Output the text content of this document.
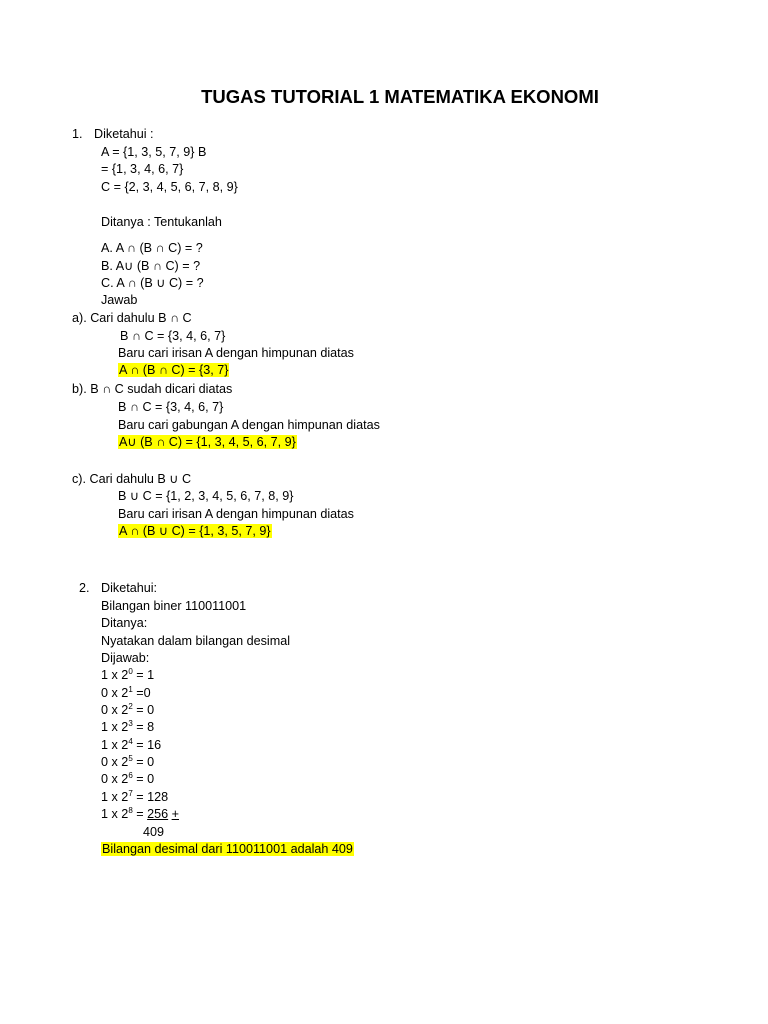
TUGAS TUTORIAL 1 MATEMATIKA EKONOMI
1. Diketahui :
A = {1, 3, 5, 7, 9} B
= {1, 3, 4, 6, 7}
C = {2, 3, 4, 5, 6, 7, 8, 9}
Ditanya : Tentukanlah
A. A ∩ (B ∩ C) = ?
B. A∪ (B ∩ C) = ?
C. A ∩ (B ∪ C) = ?
Jawab
a). Cari dahulu B ∩ C
B ∩ C = {3, 4, 6, 7}
Baru cari irisan A dengan himpunan diatas
A ∩ (B ∩ C) = {3, 7}
b). B ∩ C sudah dicari diatas
B ∩ C = {3, 4, 6, 7}
Baru cari gabungan A dengan himpunan diatas
A∪ (B ∩ C) = {1, 3, 4, 5, 6, 7, 9}
c). Cari dahulu B ∪ C
B ∪ C = {1, 2, 3, 4, 5, 6, 7, 8, 9}
Baru cari irisan A dengan himpunan diatas
A ∩ (B ∪ C) = {1, 3, 5, 7, 9}
2. Diketahui:
Bilangan biner 110011001
Ditanya:
Nyatakan dalam bilangan desimal
Dijawab:
1 x $2^0 = 1$
0 x $2^1 =0$
0 x $2^2 = 0$
1 x $2^3 = 8$
1 x $2^4 = 16$
0 x $2^5 = 0$
0 x $2^6 = 0$
1 x $2^7 = 128$
1 x $2^8 = 256$ +
409
Bilangan desimal dari 110011001 adalah 409
